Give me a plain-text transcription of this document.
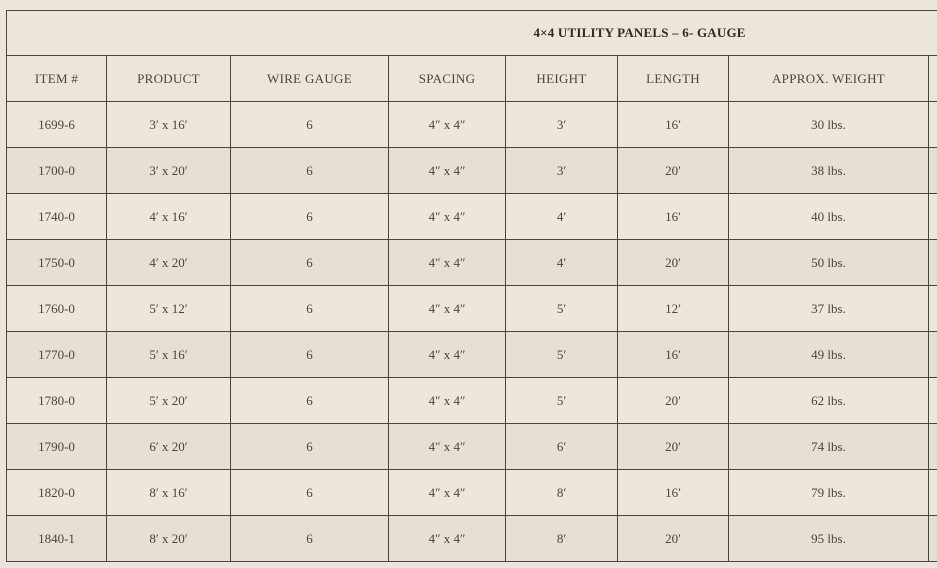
4×4 UTILITY PANELS – 6- GAUGE							
ITEM #	PRODUCT	WIRE GAUGE	SPACING	HEIGHT	LENGTH	APPROX. WEIGHT	
1699-6	3′ x 16′	6	4″ x 4″	3′	16′	30 lbs.	
1700-0	3′ x 20′	6	4″ x 4″	3′	20′	38 lbs.	
1740-0	4′ x 16′	6	4″ x 4″	4′	16′	40 lbs.	
1750-0	4′ x 20′	6	4″ x 4″	4′	20′	50 lbs.	
1760-0	5′ x 12′	6	4″ x 4″	5′	12′	37 lbs.	
1770-0	5′ x 16′	6	4″ x 4″	5′	16′	49 lbs.	
1780-0	5′ x 20′	6	4″ x 4″	5′	20′	62 lbs.	
1790-0	6′ x 20′	6	4″ x 4″	6′	20′	74 lbs.	
1820-0	8′ x 16′	6	4″ x 4″	8′	16′	79 lbs.	
1840-1	8′ x 20′	6	4″ x 4″	8′	20′	95 lbs.	
